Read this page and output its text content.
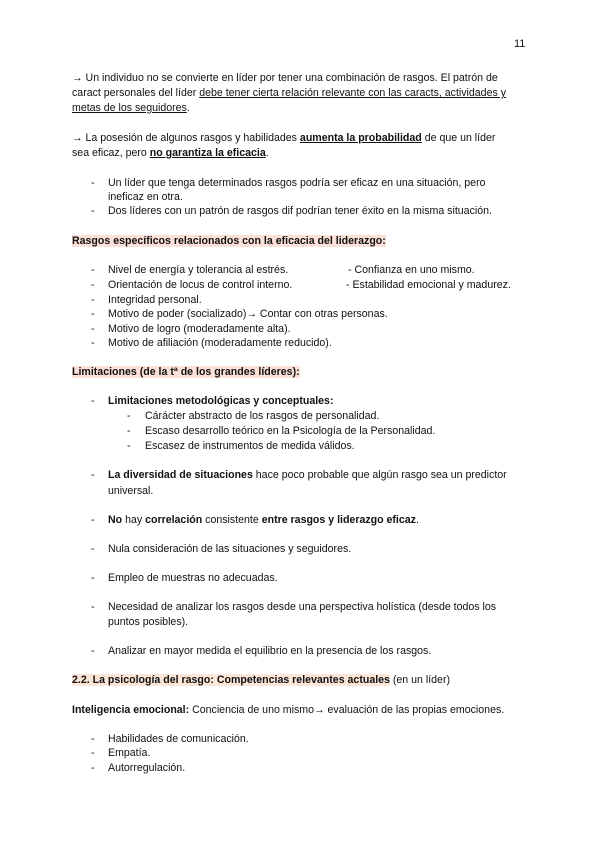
11
→ Un individuo no se convierte en líder por tener una combinación de rasgos. El patrón de
caract personales del líder debe tener cierta relación relevante con las caracts, actividades y
metas de los seguidores.
→ La posesión de algunos rasgos y habilidades aumenta la probabilidad de que un líder
sea eficaz, pero no garantiza la eficacia.
- Un líder que tenga determinados rasgos podría ser eficaz en una situación, pero
ineficaz en otra.
- Dos líderes con un patrón de rasgos dif podrían tener éxito en la misma situación.
Rasgos específicos relacionados con la eficacia del liderazgo:
- Nivel de energía y tolerancia al estrés.	- Confianza en uno mismo.
- Orientación de locus de control interno.	- Estabilidad emocional y madurez.
- Integridad personal.
- Motivo de poder (socializado)→ Contar con otras personas.
- Motivo de logro (moderadamente alta).
- Motivo de afiliación (moderadamente reducido).
Limitaciones (de la tª de los grandes líderes):
- Limitaciones metodológicas y conceptuales:
- Cárácter abstracto de los rasgos de personalidad.
- Escaso desarrollo teórico en la Psicología de la Personalidad.
- Escasez de instrumentos de medida válidos.
- La diversidad de situaciones hace poco probable que algún rasgo sea un predictor
universal.
- No hay correlación consistente entre rasgos y liderazgo eficaz.
- Nula consideración de las situaciones y seguidores.
- Empleo de muestras no adecuadas.
- Necesidad de analizar los rasgos desde una perspectiva holística (desde todos los
puntos posibles).
- Analizar en mayor medida el equilibrio en la presencia de los rasgos.
2.2. La psicología del rasgo: Competencias relevantes actuales (en un líder)
Inteligencia emocional: Conciencia de uno mismo→ evaluación de las propias emociones.
- Habilidades de comunicación.
- Empatía.
- Autorregulación.
